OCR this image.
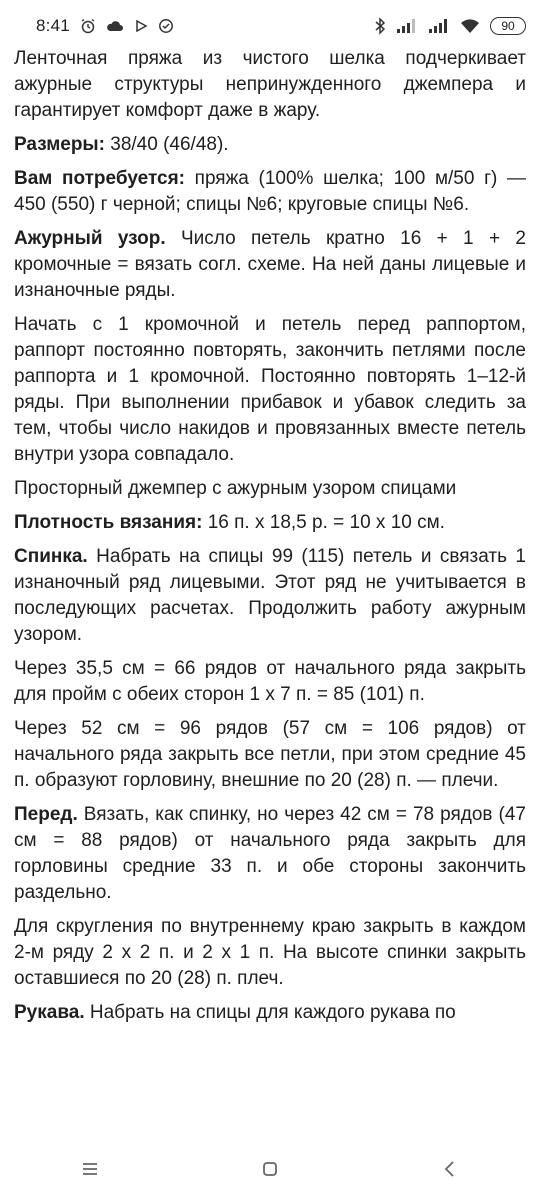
8:41	90

Ленточная пряжа из чистого шелка подчеркивает ажурные структуры непринужденного джемпера и гарантирует комфорт даже в жару.

Размеры: 38/40 (46/48).

Вам потребуется: пряжа (100% шелка; 100 м/50 г) — 450 (550) г черной; спицы №6; круговые спицы №6.

Ажурный узор. Число петель кратно 16 + 1 + 2 кромочные = вязать согл. схеме. На ней даны лицевые и изнаночные ряды.

Начать с 1 кромочной и петель перед раппортом, раппорт постоянно повторять, закончить петлями после раппорта и 1 кромочной. Постоянно повторять 1–12-й ряды. При выполнении прибавок и убавок следить за тем, чтобы число накидов и провязанных вместе петель внутри узора совпадало.

Просторный джемпер с ажурным узором спицами

Плотность вязания: 16 п. х 18,5 р. = 10 х 10 см.

Спинка. Набрать на спицы 99 (115) петель и связать 1 изнаночный ряд лицевыми. Этот ряд не учитывается в последующих расчетах. Продолжить работу ажурным узором.

Через 35,5 см = 66 рядов от начального ряда закрыть для пройм с обеих сторон 1 х 7 п. = 85 (101) п.

Через 52 см = 96 рядов (57 см = 106 рядов) от начального ряда закрыть все петли, при этом средние 45 п. образуют горловину, внешние по 20 (28) п. — плечи.

Перед. Вязать, как спинку, но через 42 см = 78 рядов (47 см = 88 рядов) от начального ряда закрыть для горловины средние 33 п. и обе стороны закончить раздельно.

Для скругления по внутреннему краю закрыть в каждом 2-м ряду 2 х 2 п. и 2 х 1 п. На высоте спинки закрыть оставшиеся по 20 (28) п. плеч.

Рукава. Набрать на спицы для каждого рукава по
